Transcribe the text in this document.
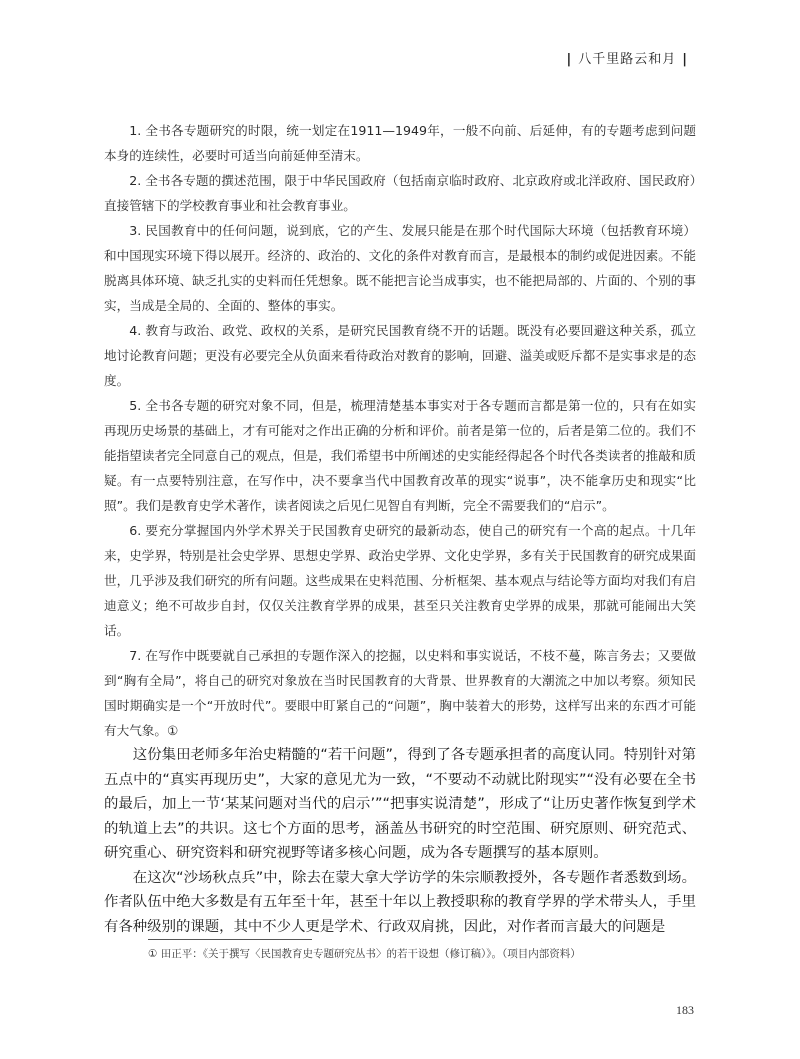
| 八千里路云和月 |

1. 全书各专题研究的时限，统一划定在1911—1949年，一般不向前、后延伸，有的专题考虑到问题本身的连续性，必要时可适当向前延伸至清末。

2. 全书各专题的撰述范围，限于中华民国政府（包括南京临时政府、北京政府或北洋政府、国民政府）直接管辖下的学校教育事业和社会教育事业。

3. 民国教育中的任何问题，说到底，它的产生、发展只能是在那个时代国际大环境（包括教育环境）和中国现实环境下得以展开。经济的、政治的、文化的条件对教育而言，是最根本的制约或促进因素。不能脱离具体环境、缺乏扎实的史料而任凭想象。既不能把言论当成事实，也不能把局部的、片面的、个别的事实，当成是全局的、全面的、整体的事实。

4. 教育与政治、政党、政权的关系，是研究民国教育绕不开的话题。既没有必要回避这种关系，孤立地讨论教育问题；更没有必要完全从负面来看待政治对教育的影响，回避、溢美或贬斥都不是实事求是的态度。

5. 全书各专题的研究对象不同，但是，梳理清楚基本事实对于各专题而言都是第一位的，只有在如实再现历史场景的基础上，才有可能对之作出正确的分析和评价。前者是第一位的，后者是第二位的。我们不能指望读者完全同意自己的观点，但是，我们希望书中所阐述的史实能经得起各个时代各类读者的推敲和质疑。有一点要特别注意，在写作中，决不要拿当代中国教育改革的现实“说事”，决不能拿历史和现实“比照”。我们是教育史学术著作，读者阅读之后见仁见智自有判断，完全不需要我们的“启示”。

6. 要充分掌握国内外学术界关于民国教育史研究的最新动态，使自己的研究有一个高的起点。十几年来，史学界，特别是社会史学界、思想史学界、政治史学界、文化史学界，多有关于民国教育的研究成果面世，几乎涉及我们研究的所有问题。这些成果在史料范围、分析框架、基本观点与结论等方面均对我们有启迪意义；绝不可故步自封，仅仅关注教育学界的成果，甚至只关注教育史学界的成果，那就可能闹出大笑话。

7. 在写作中既要就自己承担的专题作深入的挖掘，以史料和事实说话，不枝不蔓，陈言务去；又要做到“胸有全局”，将自己的研究对象放在当时民国教育的大背景、世界教育的大潮流之中加以考察。须知民国时期确实是一个“开放时代”。要眼中盯紧自己的“问题”，胸中装着大的形势，这样写出来的东西才可能有大气象。①

这份集田老师多年治史精髓的“若干问题”，得到了各专题承担者的高度认同。特别针对第五点中的“真实再现历史”，大家的意见尤为一致，“不要动不动就比附现实”“没有必要在全书的最后，加上一节‘某某问题对当代的启示’”“把事实说清楚”，形成了“让历史著作恢复到学术的轨道上去”的共识。这七个方面的思考，涵盖丛书研究的时空范围、研究原则、研究范式、研究重心、研究资料和研究视野等诸多核心问题，成为各专题撰写的基本原则。

在这次“沙场秋点兵”中，除去在蒙大拿大学访学的朱宗顺教授外，各专题作者悉数到场。作者队伍中绝大多数是有五年至十年，甚至十年以上教授职称的教育学界的学术带头人，手里有各种级别的课题，其中不少人更是学术、行政双肩挑，因此，对作者而言最大的问题是

① 田正平：《关于撰写〈民国教育史专题研究丛书〉的若干设想（修订稿）》。（项目内部资料）
183
